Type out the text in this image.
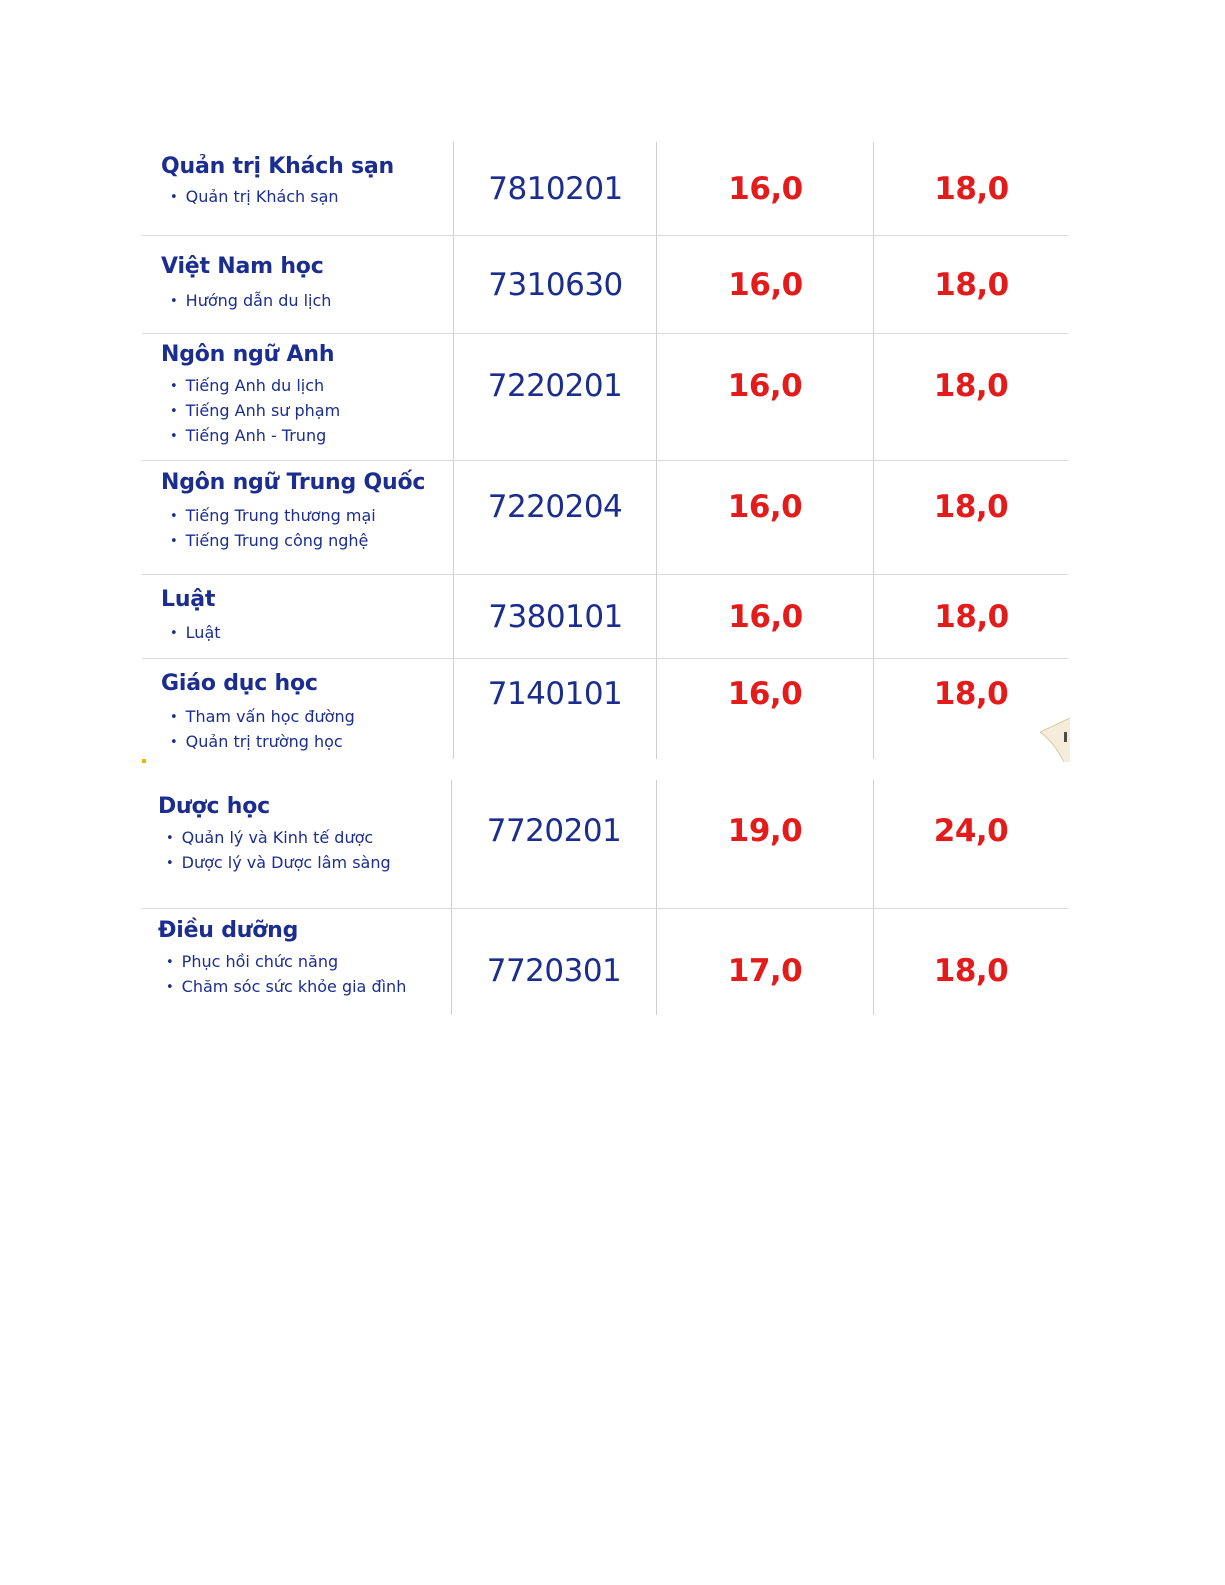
Quản trị Khách sạn

• Quản trị Khách sạn	7810201	16,0	18,0

Việt Nam học

• Hướng dẫn du lịch	7310630	16,0	18,0

Ngôn ngữ Anh

• Tiếng Anh du lịch
• Tiếng Anh sư phạm
• Tiếng Anh - Trung
7220201	16,0	18,0

Ngôn ngữ Trung Quốc

• Tiếng Trung thương mại
• Tiếng Trung công nghệ
7220204	16,0	18,0

Luật

• Luật	7380101	16,0	18,0

Giáo dục học

• Tham vấn học đường
• Quản trị trường học
7140101	16,0	18,0

Dược học

• Quản lý và Kinh tế dược
• Dược lý và Dược lâm sàng
7720201	19,0	24,0

Điều dưỡng

• Phục hồi chức năng
• Chăm sóc sức khỏe gia đình	7720301	17,0	18,0
